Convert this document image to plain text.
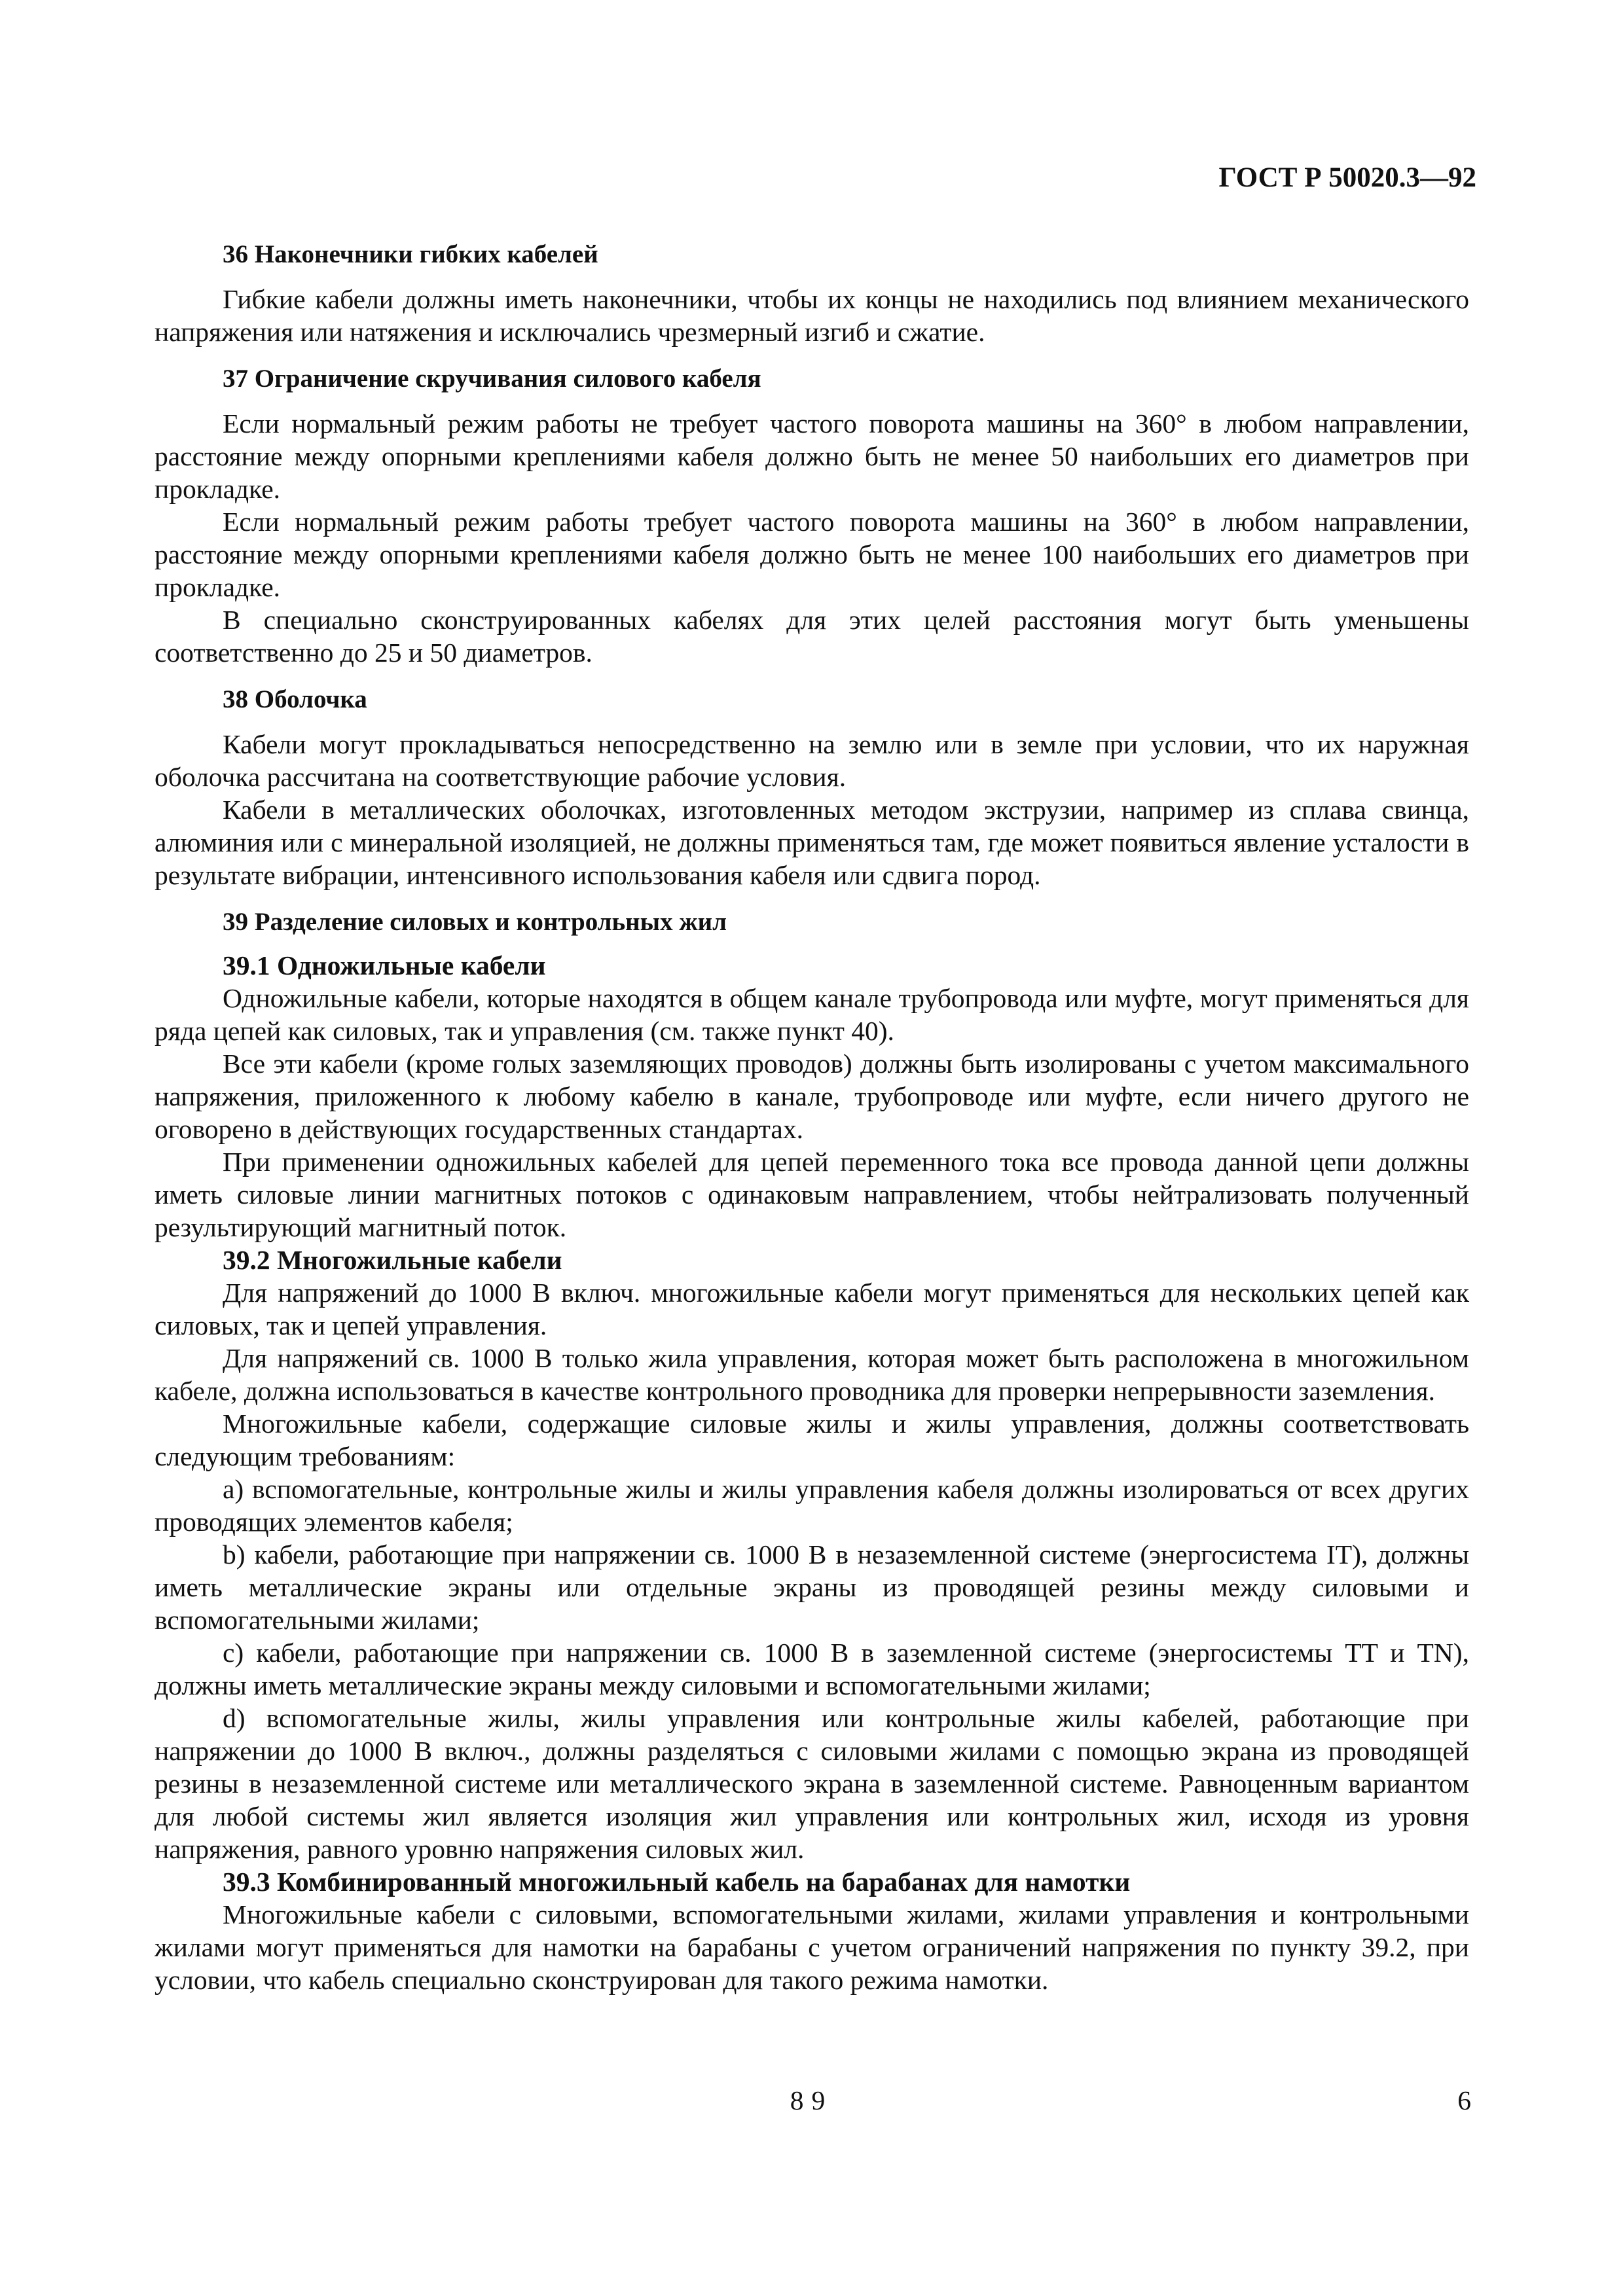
ГОСТ Р 50020.3—92
36 Наконечники гибких кабелей

Гибкие кабели должны иметь наконечники, чтобы их концы не находились под влиянием механического напряжения или натяжения и исключались чрезмерный изгиб и сжатие.

37 Ограничение скручивания силового кабеля

Если нормальный режим работы не требует частого поворота машины на 360° в любом направлении, расстояние между опорными креплениями кабеля должно быть не менее 50 наибольших его диаметров при прокладке.

Если нормальный режим работы требует частого поворота машины на 360° в любом направлении, расстояние между опорными креплениями кабеля должно быть не менее 100 наибольших его диаметров при прокладке.

В специально сконструированных кабелях для этих целей расстояния могут быть уменьшены соответственно до 25 и 50 диаметров.

38 Оболочка

Кабели могут прокладываться непосредственно на землю или в земле при условии, что их наружная оболочка рассчитана на соответствующие рабочие условия.

Кабели в металлических оболочках, изготовленных методом экструзии, например из сплава свинца, алюминия или с минеральной изоляцией, не должны применяться там, где может появиться явление усталости в результате вибрации, интенсивного использования кабеля или сдвига пород.

39 Разделение силовых и контрольных жил
39.1 Одножильные кабели

Одножильные кабели, которые находятся в общем канале трубопровода или муфте, могут применяться для ряда цепей как силовых, так и управления (см. также пункт 40).

Все эти кабели (кроме голых заземляющих проводов) должны быть изолированы с учетом максимального напряжения, приложенного к любому кабелю в канале, трубопроводе или муфте, если ничего другого не оговорено в действующих государственных стандартах.

При применении одножильных кабелей для цепей переменного тока все провода данной цепи должны иметь силовые линии магнитных потоков с одинаковым направлением, чтобы нейтрализовать полученный результирующий магнитный поток.

39.2 Многожильные кабели

Для напряжений до 1000 В включ. многожильные кабели могут применяться для нескольких цепей как силовых, так и цепей управления.

Для напряжений св. 1000 В только жила управления, которая может быть расположена в многожильном кабеле, должна использоваться в качестве контрольного проводника для проверки непрерывности заземления.

Многожильные кабели, содержащие силовые жилы и жилы управления, должны соответствовать следующим требованиям:

a) вспомогательные, контрольные жилы и жилы управления кабеля должны изолироваться от всех других проводящих элементов кабеля;

b) кабели, работающие при напряжении св. 1000 В в незаземленной системе (энергосистема IT), должны иметь металлические экраны или отдельные экраны из проводящей резины между силовыми и вспомогательными жилами;

c) кабели, работающие при напряжении св. 1000 В в заземленной системе (энергосистемы TT и TN), должны иметь металлические экраны между силовыми и вспомогательными жилами;

d) вспомогательные жилы, жилы управления или контрольные жилы кабелей, работающие при напряжении до 1000 В включ., должны разделяться с силовыми жилами с помощью экрана из проводящей резины в незаземленной системе или металлического экрана в заземленной системе. Равноценным вариантом для любой системы жил является изоляция жил управления или контрольных жил, исходя из уровня напряжения, равного уровню напряжения силовых жил.

39.3 Комбинированный многожильный кабель на барабанах для намотки

Многожильные кабели с силовыми, вспомогательными жилами, жилами управления и контрольными жилами могут применяться для намотки на барабаны с учетом ограничений напряжения по пункту 39.2, при условии, что кабель специально сконструирован для такого режима намотки.

89	6
